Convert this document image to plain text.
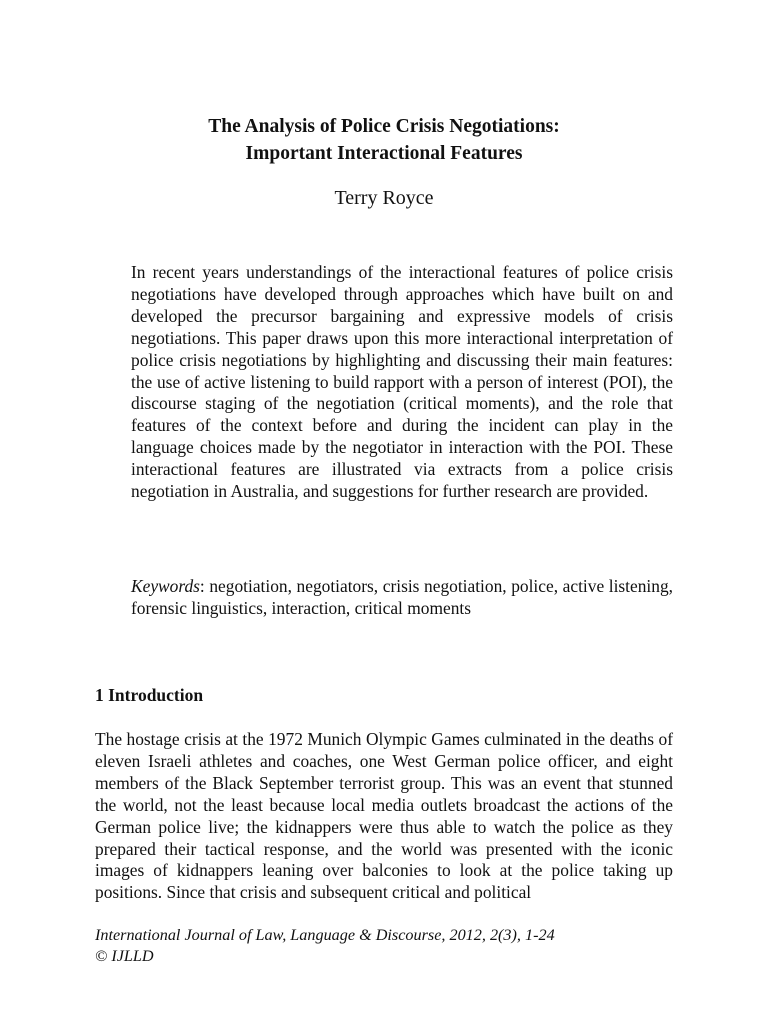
The Analysis of Police Crisis Negotiations:
Important Interactional Features

Terry Royce

In recent years understandings of the interactional features of police crisis negotiations have developed through approaches which have built on and developed the precursor bargaining and expressive models of crisis negotiations. This paper draws upon this more interactional interpretation of police crisis negotiations by highlighting and discussing their main features: the use of active listening to build rapport with a person of interest (POI), the discourse staging of the negotiation (critical moments), and the role that features of the context before and during the incident can play in the language choices made by the negotiator in interaction with the POI. These interactional features are illustrated via extracts from a police crisis negotiation in Australia, and suggestions for further research are provided.

Keywords: negotiation, negotiators, crisis negotiation, police, active listening, forensic linguistics, interaction, critical moments

1 Introduction

The hostage crisis at the 1972 Munich Olympic Games culminated in the deaths of eleven Israeli athletes and coaches, one West German police officer, and eight members of the Black September terrorist group. This was an event that stunned the world, not the least because local media outlets broadcast the actions of the German police live; the kidnappers were thus able to watch the police as they prepared their tactical response, and the world was presented with the iconic images of kidnappers leaning over balconies to look at the police taking up positions. Since that crisis and subsequent critical and political

International Journal of Law, Language & Discourse, 2012, 2(3), 1-24
© IJLLD
